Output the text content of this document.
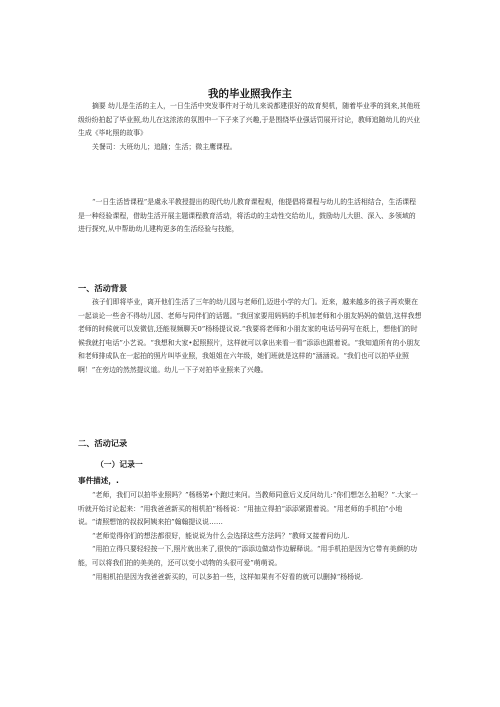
我的毕业照我作主

摘要 幼儿是生活的主人，一日生活中突发事件对于幼儿来说都建很好的故育契机，随着毕业季的到来,其他班级纷纷拍起了毕业照,幼儿在这浓浓的氛围中一下子来了兴趣,于是围绕毕业强话罚展开讨论，教师追随幼儿的兴业生成《毕叱照的故事》

关餐司：大班幼儿；追随；生活；微主鹰课程。

“一日生活皆课程”是虞永平教授提出的现代幼儿教育课程观，他提倡将课程与幼儿的生活相结合，生活课程是一种经验课程，借助生活开展主题课程教育活动，将活动的主动性交给幼儿，鼓励幼儿大胆、深入、多领域的进行探究,从中帮助幼儿建构更多的生活经验与技能，

一、活动背景

孩子们即将毕业，离开他们生活了三年的幼儿园与老师们,迈进小学的大门。近来，越来越多的孩子再欢聚在一起谈论一些舍不得幼儿园、老师与同伴们的话题。“我回家要用妈妈的手机加老师和小朋友妈妈的做信,这样我想老师的时候就可以发微信,还能视频聊天0”杨杨提议说.“我要将老师和小朋友家的电话号码写在纸上，想他们的时候我就打电话”小艺说。“我想和大家•起照照片，这样就可以拿出来看一看”添添也跟着说。“我知道所有的小朋友和老师排成队在一起拍的照片叫毕业照，我姐姐在六年级，她们班就是这样的”涵涵说。“我们也可以拍毕业照啊！”在旁边的然然提议道。幼儿一下子对拍毕业照来了兴趣。

二、活动记录
（一）记录一
事件描述，.

“老师，我们可以拍毕业照吗？”杨杨笫•个跑过来问。当教师同意后义反问幼儿:“你们想怎么拍呢？”.大家一听就开始讨论起来：“用我爸爸新买的相机拍”杨杨说：“用抽立得拍“添添紧跟着说。“用老师的手机拍”小地说。“请照想馆的叔叔阿姨来拍”翰翰提议说……

“老师觉得你们的想法都很好，能说说为什么会选择这些方法吗？”教师又接着问幼儿.

“用拍立得只要轻轻按一下,照片就出来了,很快的”添添边做动作边解释说。“用手机拍是因为它带有美颜的功能，可以将我们拍的美美的，还可以变小动物的头很可爱”萌萌说。

“用相机拍是因为我爸爸新买的，可以多拍一些，这样如果有不好看的就可以删掉“杨杨说.
